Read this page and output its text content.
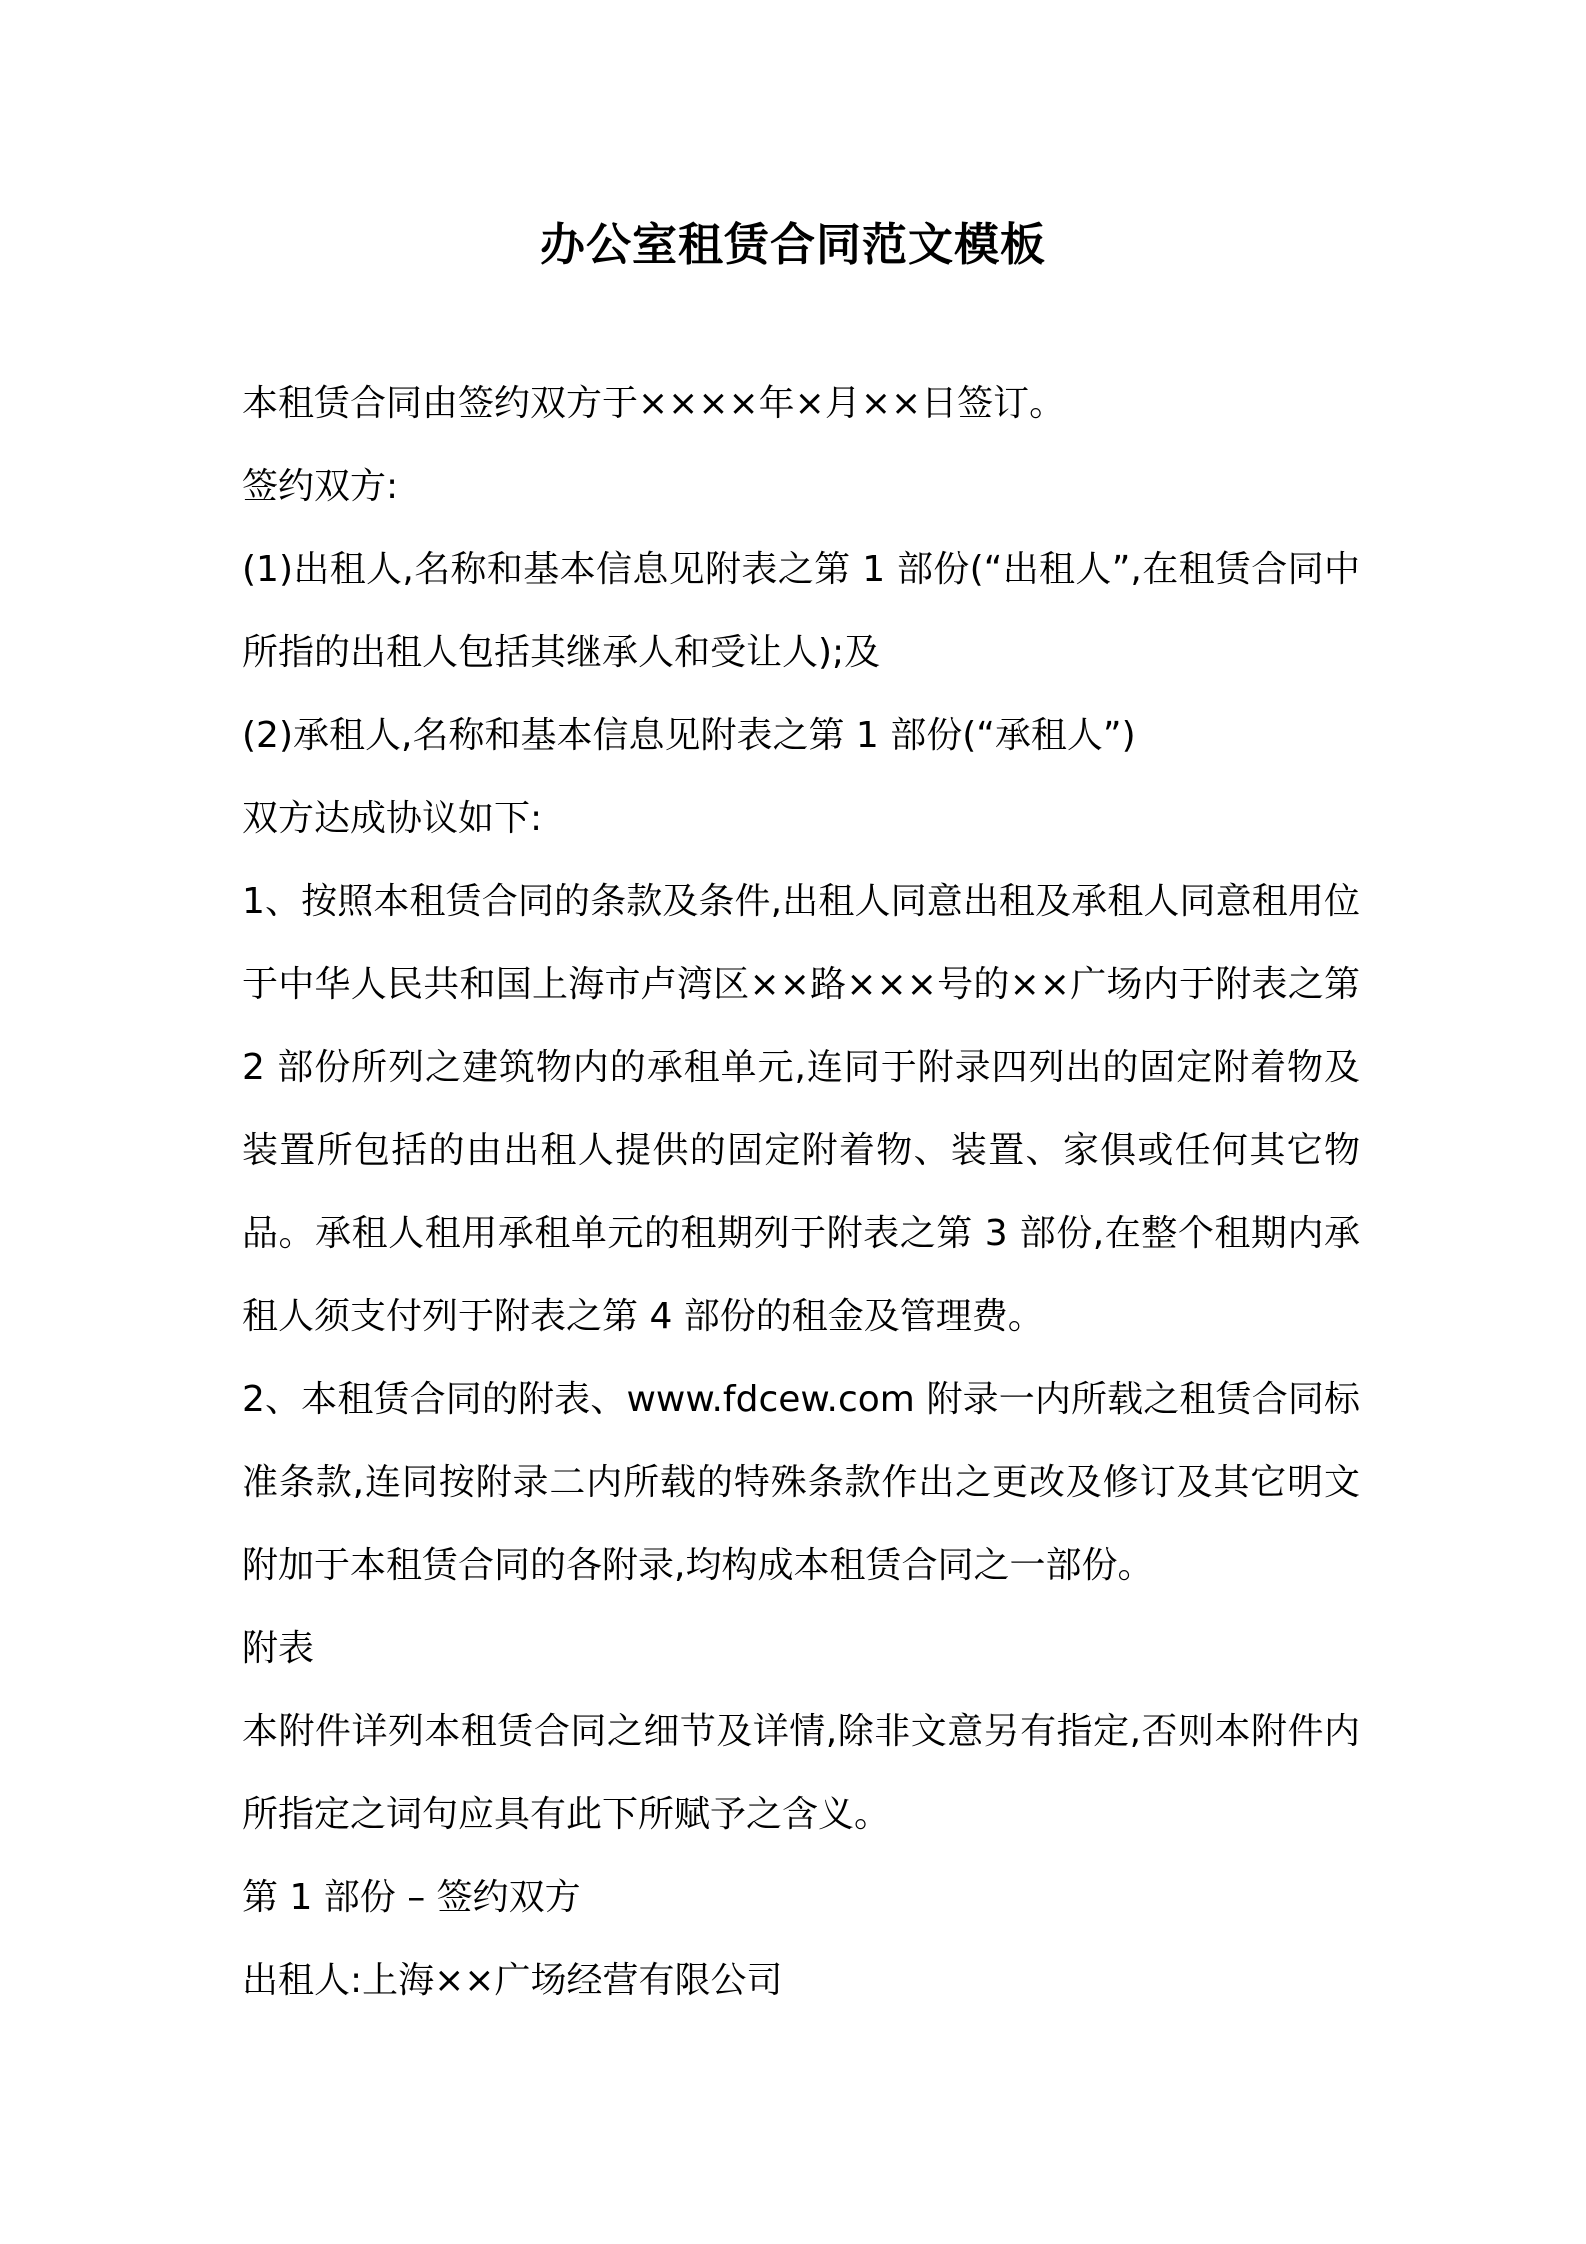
办公室租赁合同范文模板

本租赁合同由签约双方于××××年×月××日签订。

签约双方:

(1)出租人,名称和基本信息见附表之第 1 部份(“出租人”,在租赁合同中所指的出租人包括其继承人和受让人);及

(2)承租人,名称和基本信息见附表之第 1 部份(“承租人”)

双方达成协议如下:

1、按照本租赁合同的条款及条件,出租人同意出租及承租人同意租用位于中华人民共和国上海市卢湾区××路×××号的××广场内于附表之第 2 部份所列之建筑物内的承租单元,连同于附录四列出的固定附着物及装置所包括的由出租人提供的固定附着物、装置、家俱或任何其它物品。承租人租用承租单元的租期列于附表之第 3 部份,在整个租期内承租人须支付列于附表之第 4 部份的租金及管理费。

2、本租赁合同的附表、www.fdcew.com 附录一内所载之租赁合同标准条款,连同按附录二内所载的特殊条款作出之更改及修订及其它明文附加于本租赁合同的各附录,均构成本租赁合同之一部份。

附表

本附件详列本租赁合同之细节及详情,除非文意另有指定,否则本附件内所指定之词句应具有此下所赋予之含义。

第 1 部份 – 签约双方

出租人:上海××广场经营有限公司
